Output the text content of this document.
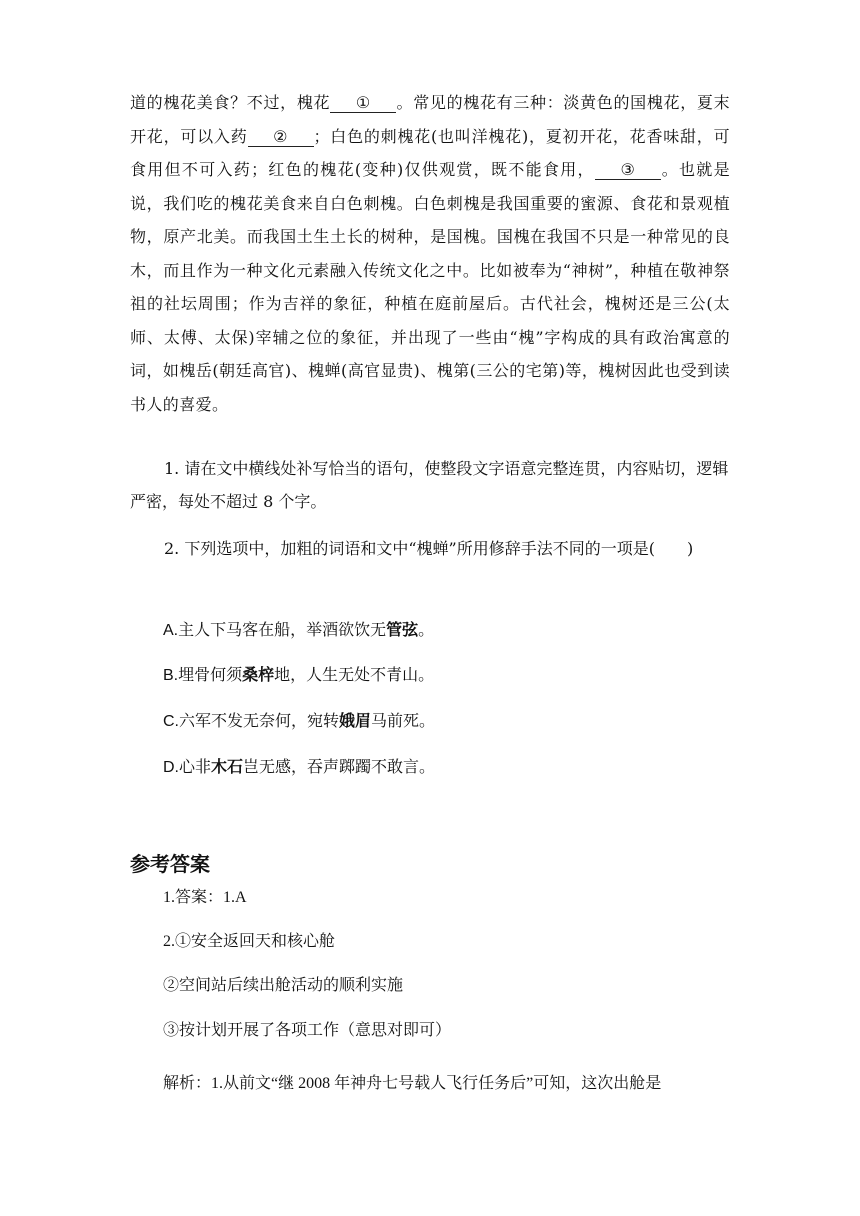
道的槐花美食？不过，槐花 ① 。常见的槐花有三种：淡黄色的国槐花，夏末开花，可以入药 ② ；白色的刺槐花(也叫洋槐花)，夏初开花，花香味甜，可食用但不可入药；红色的槐花(变种)仅供观赏，既不能食用， ③ 。也就是说，我们吃的槐花美食来自白色刺槐。白色刺槐是我国重要的蜜源、食花和景观植物，原产北美。而我国土生土长的树种，是国槐。国槐在我国不只是一种常见的良木，而且作为一种文化元素融入传统文化之中。比如被奉为“神树”，种植在敬神祭祖的社坛周围；作为吉祥的象征，种植在庭前屋后。古代社会，槐树还是三公(太师、太傅、太保)宰辅之位的象征，并出现了一些由“槐”字构成的具有政治寓意的词，如槐岳(朝廷高官)、槐蝉(高官显贵)、槐第(三公的宅第)等，槐树因此也受到读书人的喜爱。

1. 请在文中横线处补写恰当的语句，使整段文字语意完整连贯，内容贴切，逻辑严密，每处不超过 8 个字。

2. 下列选项中，加粗的词语和文中“槐蝉”所用修辞手法不同的一项是(　　)

A.主人下马客在船，举酒欲饮无管弦。
B.埋骨何须桑梓地，人生无处不青山。
C.六军不发无奈何，宛转娥眉马前死。
D.心非木石岂无感，吞声踯躅不敢言。
参考答案
1.答案：1.A
2.①安全返回天和核心舱
②空间站后续出舱活动的顺利实施
③按计划开展了各项工作（意思对即可）
解析：1.从前文“继 2008 年神舟七号载人飞行任务后”可知，这次出舱是
